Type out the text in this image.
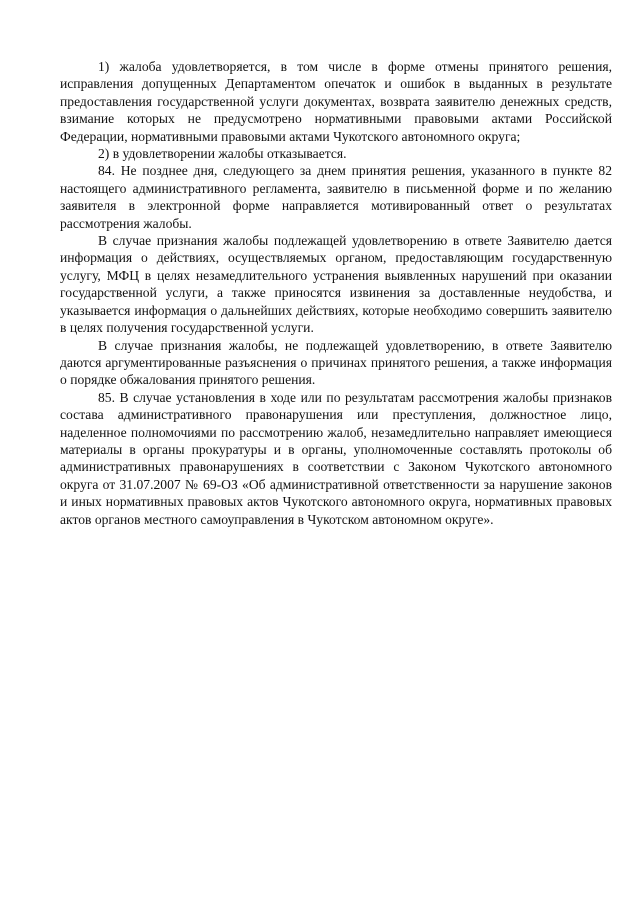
1) жалоба удовлетворяется, в том числе в форме отмены принятого решения, исправления допущенных Департаментом опечаток и ошибок в выданных в результате предоставления государственной услуги документах, возврата заявителю денежных средств, взимание которых не предусмотрено нормативными правовыми актами Российской Федерации, нормативными правовыми актами Чукотского автономного округа;

2) в удовлетворении жалобы отказывается.

84. Не позднее дня, следующего за днем принятия решения, указанного в пункте 82 настоящего административного регламента, заявителю в письменной форме и по желанию заявителя в электронной форме направляется мотивированный ответ о результатах рассмотрения жалобы.

В случае признания жалобы подлежащей удовлетворению в ответе Заявителю дается информация о действиях, осуществляемых органом, предоставляющим государственную услугу, МФЦ в целях незамедлительного устранения выявленных нарушений при оказании государственной услуги, а также приносятся извинения за доставленные неудобства, и указывается информация о дальнейших действиях, которые необходимо совершить заявителю в целях получения государственной услуги.

В случае признания жалобы, не подлежащей удовлетворению, в ответе Заявителю даются аргументированные разъяснения о причинах принятого решения, а также информация о порядке обжалования принятого решения.

85. В случае установления в ходе или по результатам рассмотрения жалобы признаков состава административного правонарушения или преступления, должностное лицо, наделенное полномочиями по рассмотрению жалоб, незамедлительно направляет имеющиеся материалы в органы прокуратуры и в органы, уполномоченные составлять протоколы об административных правонарушениях в соответствии с Законом Чукотского автономного округа от 31.07.2007 № 69-ОЗ «Об административной ответственности за нарушение законов и иных нормативных правовых актов Чукотского автономного округа, нормативных правовых актов органов местного самоуправления в Чукотском автономном округе».
